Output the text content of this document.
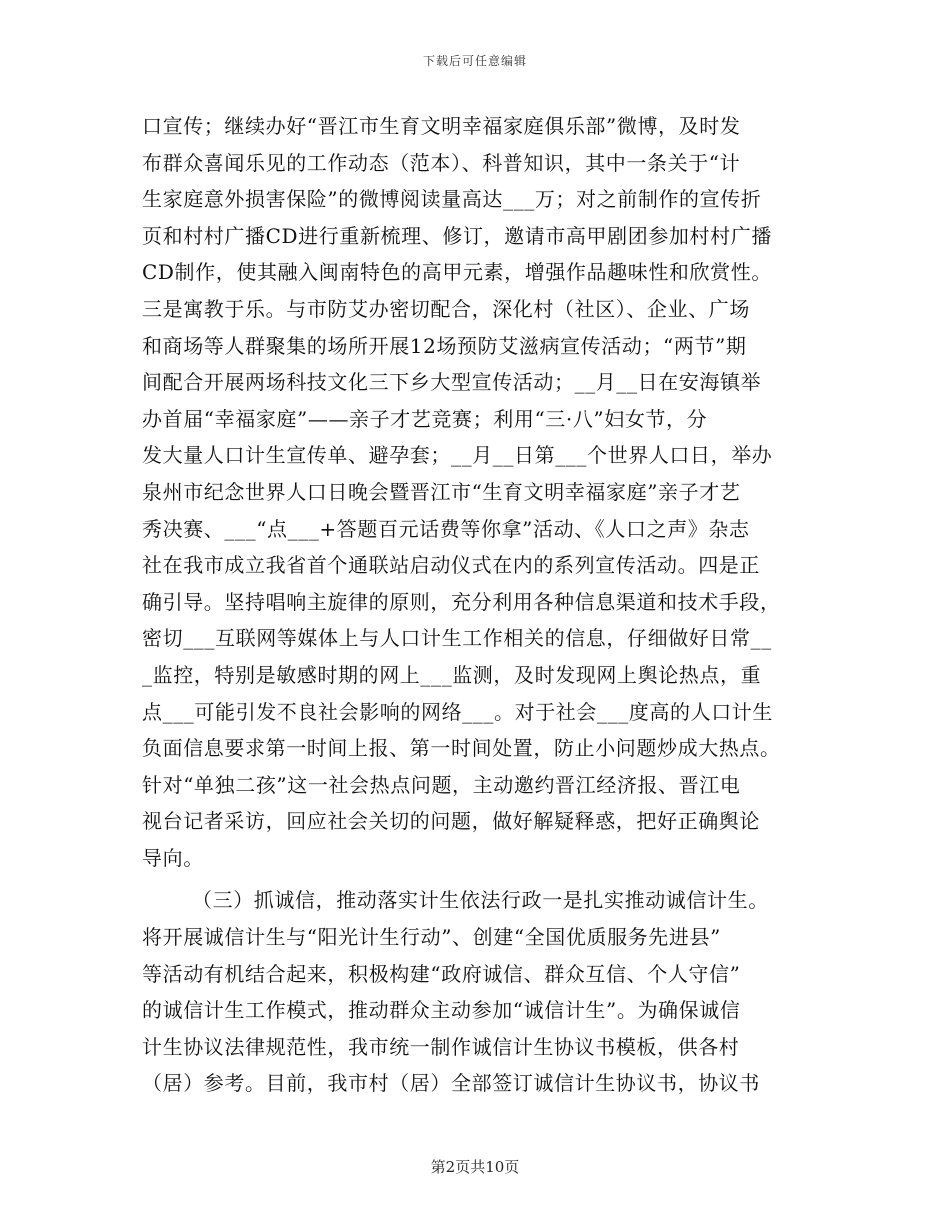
下载后可任意编辑
口宣传；继续办好“晋江市生育文明幸福家庭俱乐部”微博，及时发
布群众喜闻乐见的工作动态（范本）、科普知识，其中一条关于“计
生家庭意外损害保险”的微博阅读量高达___万；对之前制作的宣传折
页和村村广播CD进行重新梳理、修订，邀请市高甲剧团参加村村广播
CD制作，使其融入闽南特色的高甲元素，增强作品趣味性和欣赏性。
三是寓教于乐。与市防艾办密切配合，深化村（社区）、企业、广场
和商场等人群聚集的场所开展12场预防艾滋病宣传活动；“两节”期
间配合开展两场科技文化三下乡大型宣传活动；__月__日在安海镇举
办首届“幸福家庭”——亲子才艺竞赛；利用“三·八”妇女节，分
发大量人口计生宣传单、避孕套；__月__日第___个世界人口日，举办
泉州市纪念世界人口日晚会暨晋江市“生育文明幸福家庭”亲子才艺
秀决赛、___“点___+答题百元话费等你拿”活动、《人口之声》杂志
社在我市成立我省首个通联站启动仪式在内的系列宣传活动。四是正
确引导。坚持唱响主旋律的原则，充分利用各种信息渠道和技术手段，
密切___互联网等媒体上与人口计生工作相关的信息，仔细做好日常__
_监控，特别是敏感时期的网上___监测，及时发现网上舆论热点，重
点___可能引发不良社会影响的网络___。对于社会___度高的人口计生
负面信息要求第一时间上报、第一时间处置，防止小问题炒成大热点。
针对“单独二孩”这一社会热点问题，主动邀约晋江经济报、晋江电
视台记者采访，回应社会关切的问题，做好解疑释惑，把好正确舆论
导向。
（三）抓诚信，推动落实计生依法行政一是扎实推动诚信计生。
将开展诚信计生与“阳光计生行动”、创建“全国优质服务先进县”
等活动有机结合起来，积极构建“政府诚信、群众互信、个人守信”
的诚信计生工作模式，推动群众主动参加“诚信计生”。为确保诚信
计生协议法律规范性，我市统一制作诚信计生协议书模板，供各村
（居）参考。目前，我市村（居）全部签订诚信计生协议书，协议书
第2页共10页
